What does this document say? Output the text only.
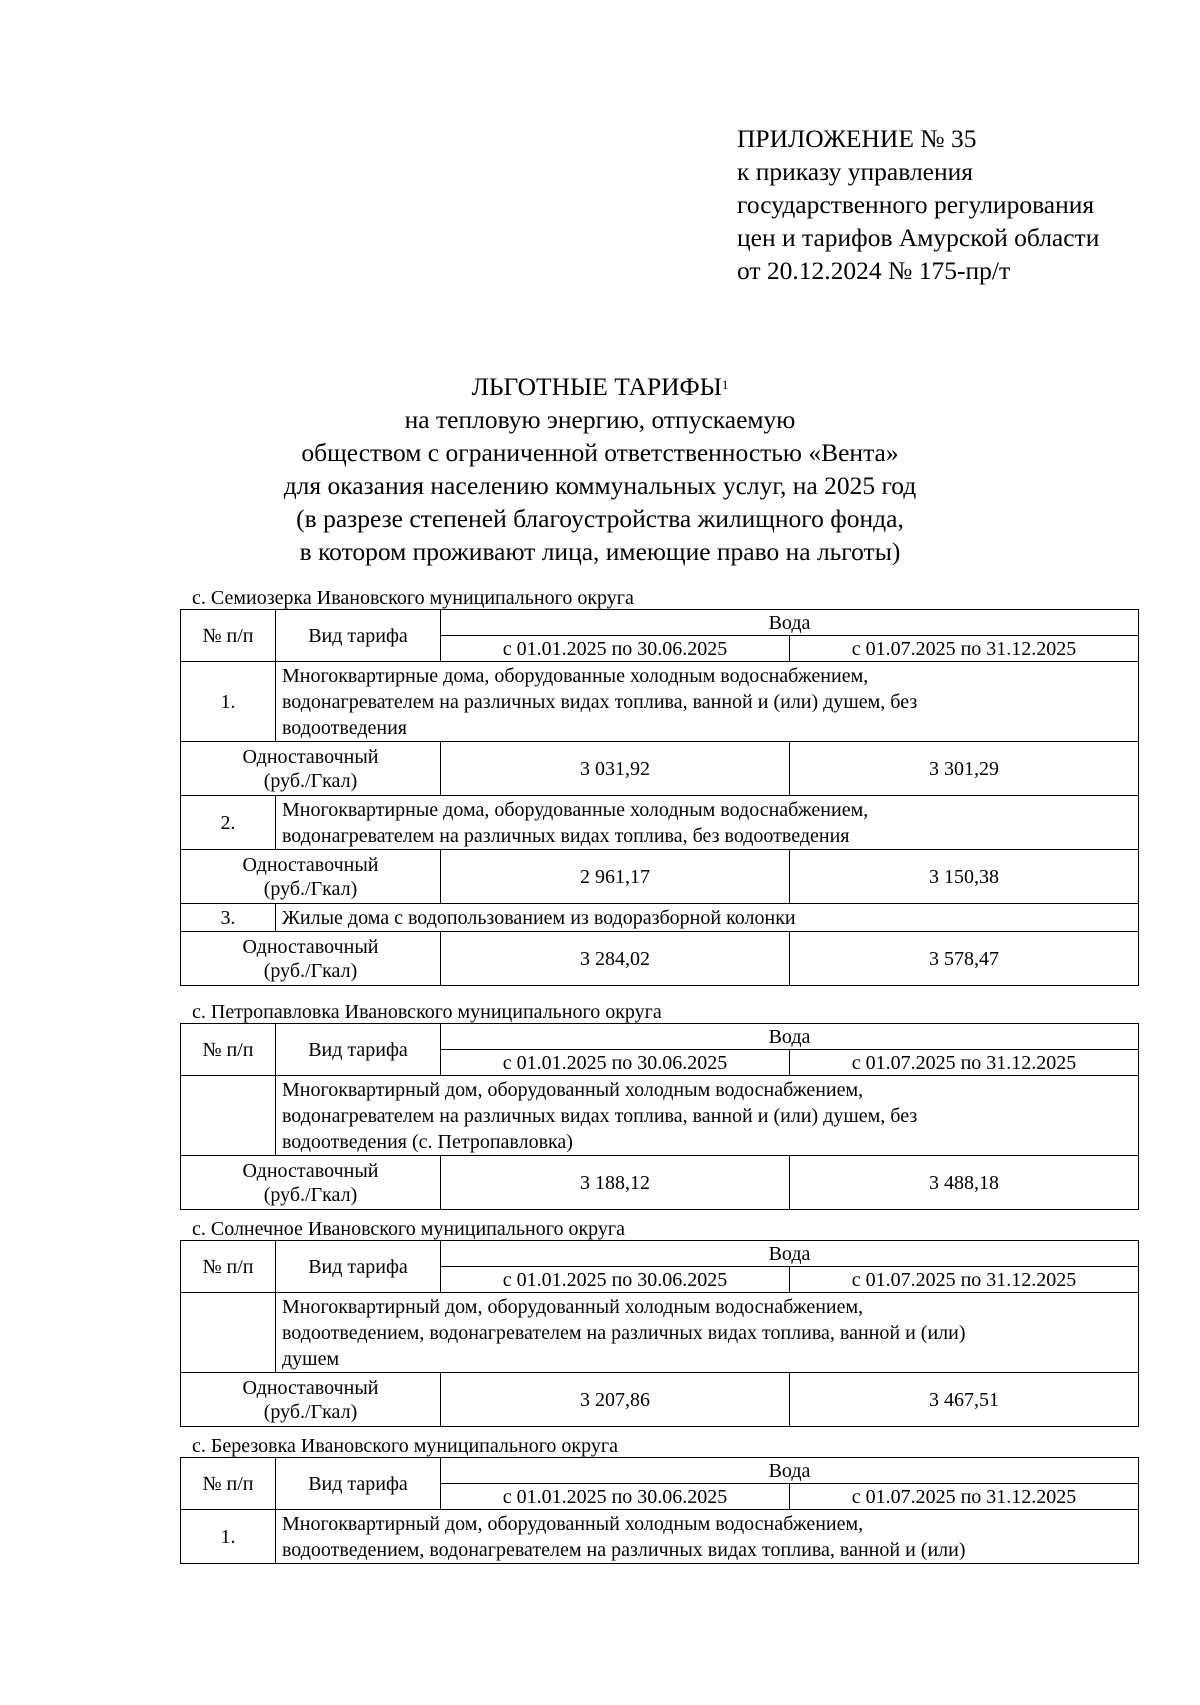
ПРИЛОЖЕНИЕ № 35
к приказу управления
государственного регулирования
цен и тарифов Амурской области
от 20.12.2024 № 175-пр/т
ЛЬГОТНЫЕ ТАРИФЫ$^1$
на тепловую энергию, отпускаемую
обществом с ограниченной ответственностью «Вента»
для оказания населению коммунальных услуг, на 2025 год
(в разрезе степеней благоустройства жилищного фонда,
в котором проживают лица, имеющие право на льготы)
с. Семиозерка Ивановского муниципального округа
№ п/п	Вид тарифа	Вода	
		с 01.01.2025 по 30.06.2025	с 01.07.2025 по 31.12.2025
1.	Многоквартирные дома, оборудованные холодным водоснабжением,
водонагревателем на различных видах топлива, ванной и (или) душем, без
водоотведения		

Одноставочный
(руб./Гкал)		3 031,92	3 301,29
2.	Многоквартирные дома, оборудованные холодным водоснабжением,
водонагревателем на различных видах топлива, без водоотведения		

Одноставочный
(руб./Гкал)		2 961,17	3 150,38
3.	Жилые дома с водопользованием из водоразборной колонки		

Одноставочный
(руб./Гкал)		3 284,02	3 578,47
с. Петропавловка Ивановского муниципального округа
№ п/п	Вид тарифа	Вода	
		с 01.01.2025 по 30.06.2025	с 01.07.2025 по 31.12.2025

	Многоквартирный дом, оборудованный холодным водоснабжением,
водонагревателем на различных видах топлива, ванной и (или) душем, без
водоотведения (с. Петропавловка)		

Одноставочный
(руб./Гкал)		3 188,12	3 488,18
с. Солнечное Ивановского муниципального округа
№ п/п	Вид тарифа	Вода	
		с 01.01.2025 по 30.06.2025	с 01.07.2025 по 31.12.2025

	Многоквартирный дом, оборудованный холодным водоснабжением,
водоотведением, водонагревателем на различных видах топлива, ванной и (или)
душем		

Одноставочный
(руб./Гкал)		3 207,86	3 467,51
с. Березовка Ивановского муниципального округа
№ п/п	Вид тарифа	Вода	
		с 01.01.2025 по 30.06.2025	с 01.07.2025 по 31.12.2025
1.	Многоквартирный дом, оборудованный холодным водоснабжением,
водоотведением, водонагревателем на различных видах топлива, ванной и (или)		
